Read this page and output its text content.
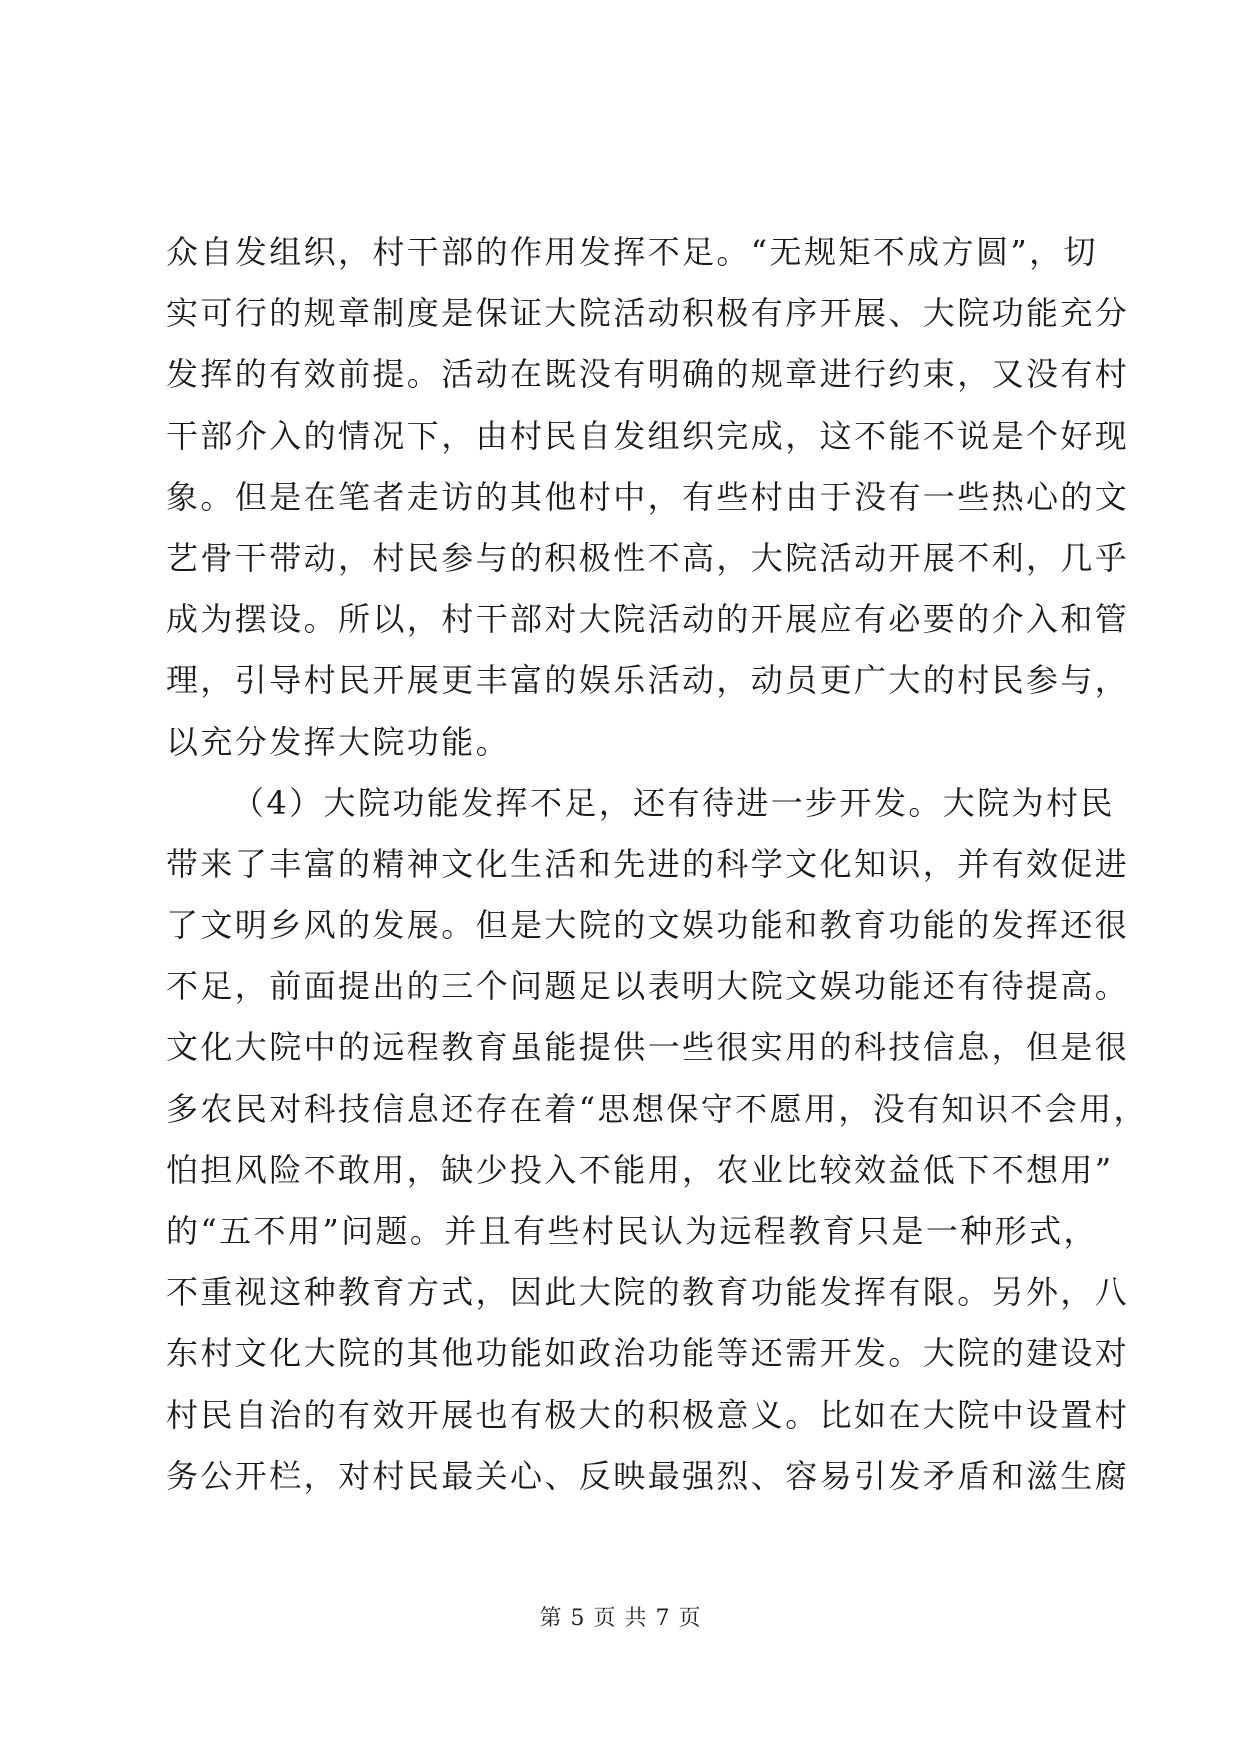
众自发组织，村干部的作用发挥不足。“无规矩不成方圆”，切
实可行的规章制度是保证大院活动积极有序开展、大院功能充分
发挥的有效前提。活动在既没有明确的规章进行约束，又没有村
干部介入的情况下，由村民自发组织完成，这不能不说是个好现
象。但是在笔者走访的其他村中，有些村由于没有一些热心的文
艺骨干带动，村民参与的积极性不高，大院活动开展不利，几乎
成为摆设。所以，村干部对大院活动的开展应有必要的介入和管
理，引导村民开展更丰富的娱乐活动，动员更广大的村民参与，
以充分发挥大院功能。
（4）大院功能发挥不足，还有待进一步开发。大院为村民
带来了丰富的精神文化生活和先进的科学文化知识，并有效促进
了文明乡风的发展。但是大院的文娱功能和教育功能的发挥还很
不足，前面提出的三个问题足以表明大院文娱功能还有待提高。
文化大院中的远程教育虽能提供一些很实用的科技信息，但是很
多农民对科技信息还存在着“思想保守不愿用，没有知识不会用，
怕担风险不敢用，缺少投入不能用，农业比较效益低下不想用”
的“五不用”问题。并且有些村民认为远程教育只是一种形式，
不重视这种教育方式，因此大院的教育功能发挥有限。另外，八
东村文化大院的其他功能如政治功能等还需开发。大院的建设对
村民自治的有效开展也有极大的积极意义。比如在大院中设置村
务公开栏，对村民最关心、反映最强烈、容易引发矛盾和滋生腐
第 5 页 共 7 页
